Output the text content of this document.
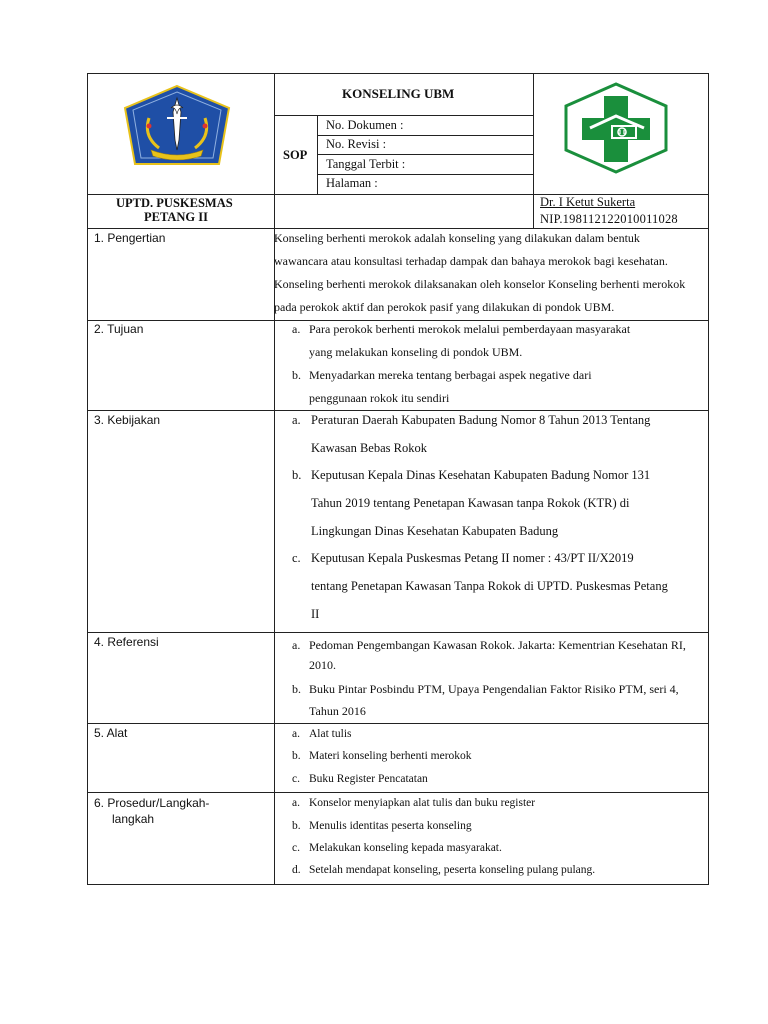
KONSELING UBM
SOP
No. Dokumen :
No. Revisi :
Tanggal Terbit :
Halaman :
UPTD. PUSKESMAS
PETANG II
Dr. I Ketut Sukerta
NIP.198112122010011028
1. Pengertian	Konseling berhenti merokok adalah konseling yang dilakukan dalam bentuk
wawancara atau konsultasi terhadap dampak dan bahaya merokok bagi kesehatan.
Konseling berhenti merokok dilaksanakan oleh konselor Konseling berhenti merokok
pada perokok aktif dan perokok pasif yang dilakukan di pondok UBM.
2. Tujuan	a. Para perokok berhenti merokok melalui pemberdayaan masyarakat
yang melakukan konseling di pondok UBM.
b. Menyadarkan mereka tentang berbagai aspek negative dari
penggunaan rokok itu sendiri
3. Kebijakan	a. Peraturan Daerah Kabupaten Badung Nomor 8 Tahun 2013 Tentang
Kawasan Bebas Rokok
b. Keputusan Kepala Dinas Kesehatan Kabupaten Badung Nomor 131
Tahun 2019 tentang Penetapan Kawasan tanpa Rokok (KTR) di
Lingkungan Dinas Kesehatan Kabupaten Badung
c. Keputusan Kepala Puskesmas Petang II nomer : 43/PT II/X2019
tentang Penetapan Kawasan Tanpa Rokok di UPTD. Puskesmas Petang
II
4. Referensi	a. Pedoman Pengembangan Kawasan Rokok. Jakarta: Kementrian Kesehatan RI,
2010.
b. Buku Pintar Posbindu PTM, Upaya Pengendalian Faktor Risiko PTM, seri 4,
Tahun 2016
5. Alat	a. Alat tulis
b. Materi konseling berhenti merokok
c. Buku Register Pencatatan
6. Prosedur/Langkah-
langkah
a. Konselor menyiapkan alat tulis dan buku register
b. Menulis identitas peserta konseling
c. Melakukan konseling kepada masyarakat.
d. Setelah mendapat konseling, peserta konseling pulang pulang.
